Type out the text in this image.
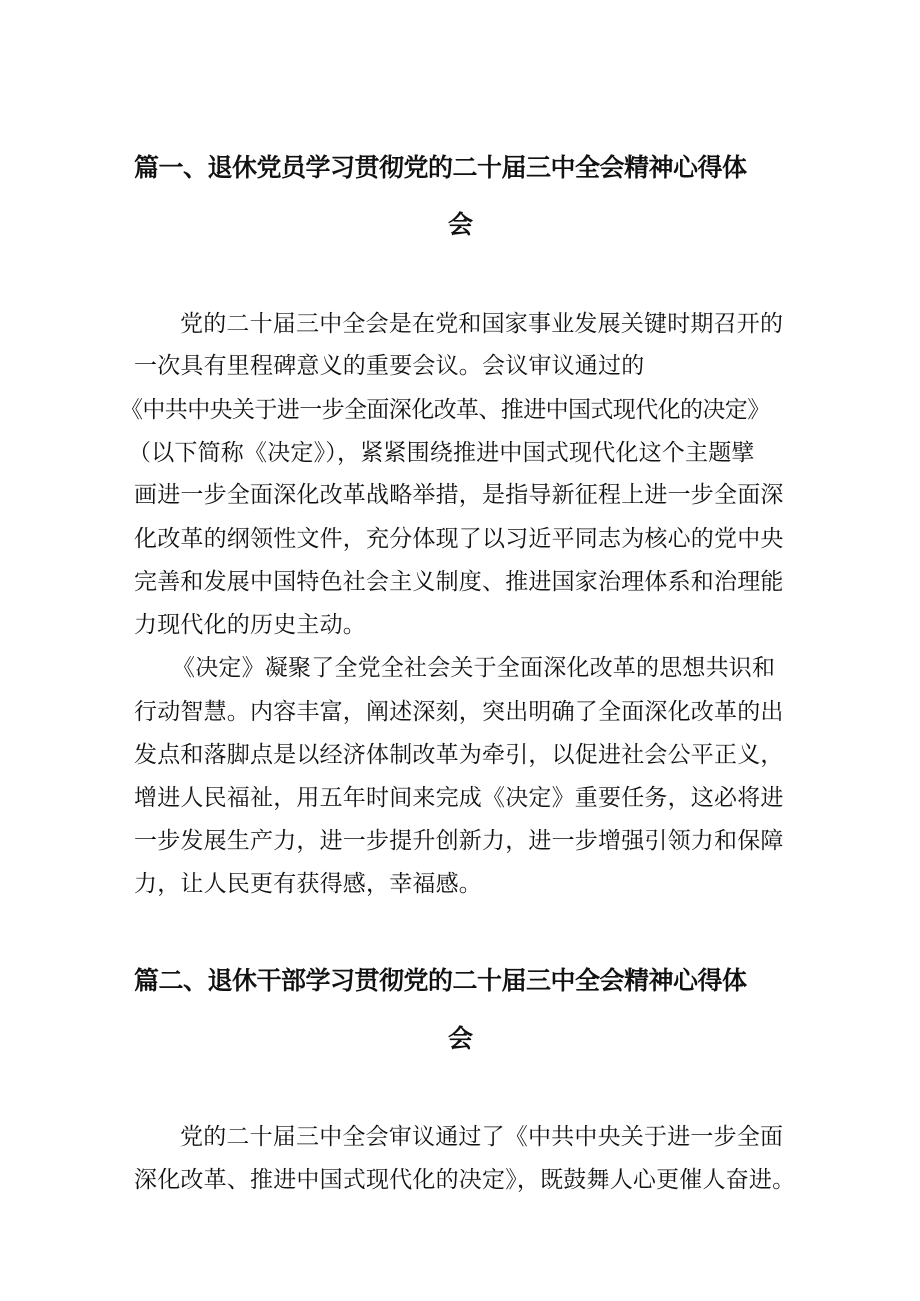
篇一、退休党员学习贯彻党的二十届三中全会精神心得体
会
党的二十届三中全会是在党和国家事业发展关键时期召开的
一次具有里程碑意义的重要会议。会议审议通过的
《中共中央关于进一步全面深化改革、推进中国式现代化的决定》
（以下简称《决定》），紧紧围绕推进中国式现代化这个主题擘
画进一步全面深化改革战略举措，是指导新征程上进一步全面深
化改革的纲领性文件，充分体现了以习近平同志为核心的党中央
完善和发展中国特色社会主义制度、推进国家治理体系和治理能
力现代化的历史主动。
《决定》凝聚了全党全社会关于全面深化改革的思想共识和
行动智慧。内容丰富，阐述深刻，突出明确了全面深化改革的出
发点和落脚点是以经济体制改革为牵引，以促进社会公平正义，
增进人民福祉，用五年时间来完成《决定》重要任务，这必将进
一步发展生产力，进一步提升创新力，进一步增强引领力和保障
力，让人民更有获得感，幸福感。
篇二、退休干部学习贯彻党的二十届三中全会精神心得体
会
党的二十届三中全会审议通过了《中共中央关于进一步全面
深化改革、推进中国式现代化的决定》，既鼓舞人心更催人奋进。
